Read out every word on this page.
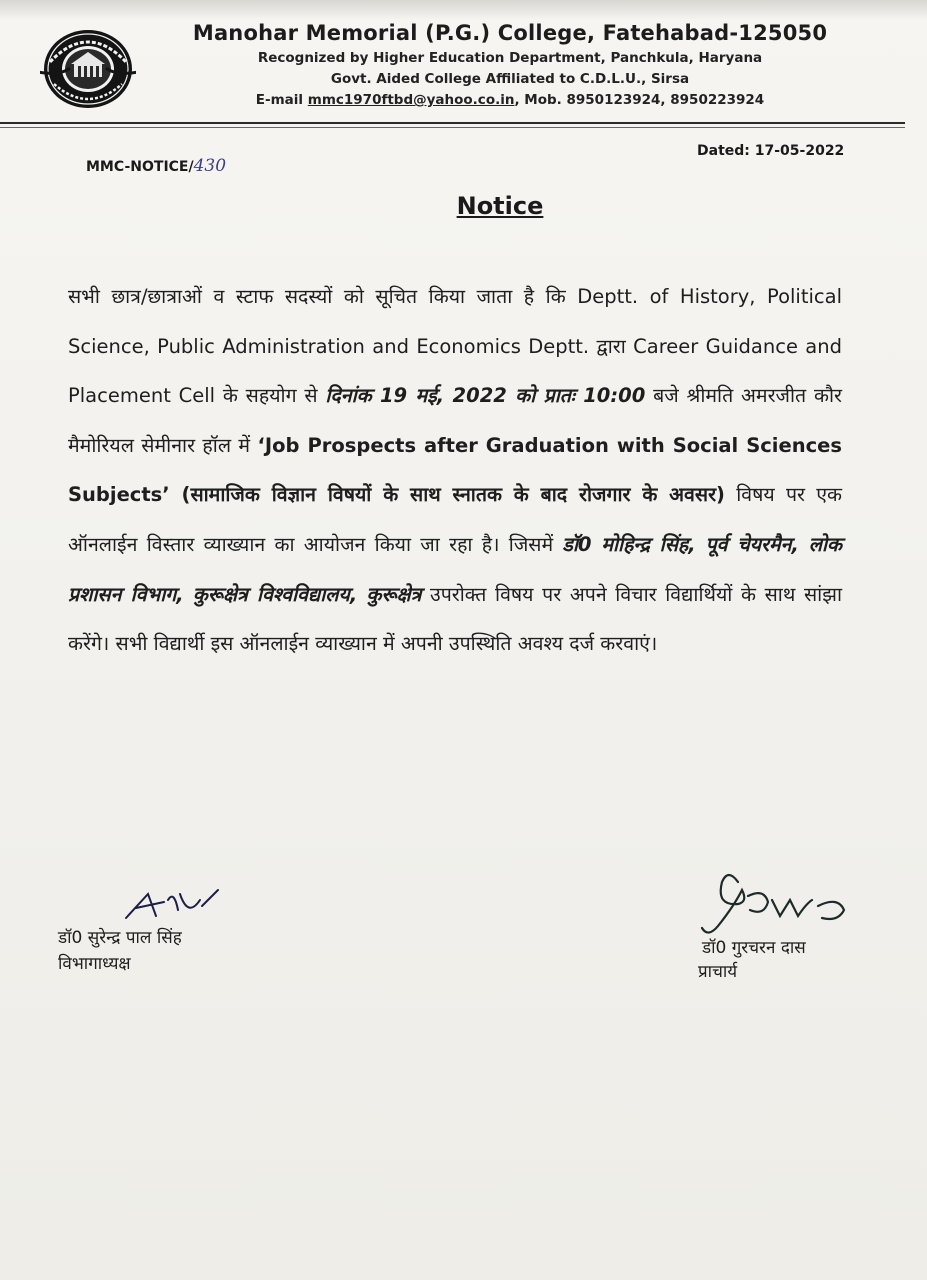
Manohar Memorial (P.G.) College, Fatehabad-125050

Recognized by Higher Education Department, Panchkula, Haryana

Govt. Aided College Affiliated to C.D.L.U., Sirsa

E-mail mmc1970ftbd@yahoo.co.in, Mob. 8950123924, 8950223924

MMC-NOTICE/430
Dated: 17-05-2022
Notice
सभी छात्र/छात्राओं व स्टाफ सदस्यों को सूचित किया जाता है कि Deptt. of History, Political Science, Public Administration and Economics Deptt. द्वारा Career Guidance and Placement Cell के सहयोग से दिनांक 19 मई, 2022 को प्रातः 10:00 बजे श्रीमति अमरजीत कौर मैमोरियल सेमीनार हॉल में ‘Job Prospects after Graduation with Social Sciences Subjects’ (सामाजिक विज्ञान विषयों के साथ स्नातक के बाद रोजगार के अवसर) विषय पर एक ऑनलाईन विस्तार व्याख्यान का आयोजन किया जा रहा है। जिसमें डॉ0 मोहिन्द्र सिंह, पूर्व चेयरमैन, लोक प्रशासन विभाग, कुरूक्षेत्र विश्वविद्यालय, कुरूक्षेत्र उपरोक्त विषय पर अपने विचार विद्यार्थियों के साथ सांझा करेंगे। सभी विद्यार्थी इस ऑनलाईन व्याख्यान में अपनी उपस्थिति अवश्य दर्ज करवाएं।
डॉ0 सुरेन्द्र पाल सिंह
विभागाध्यक्ष
डॉ0 गुरचरन दास
प्राचार्य
